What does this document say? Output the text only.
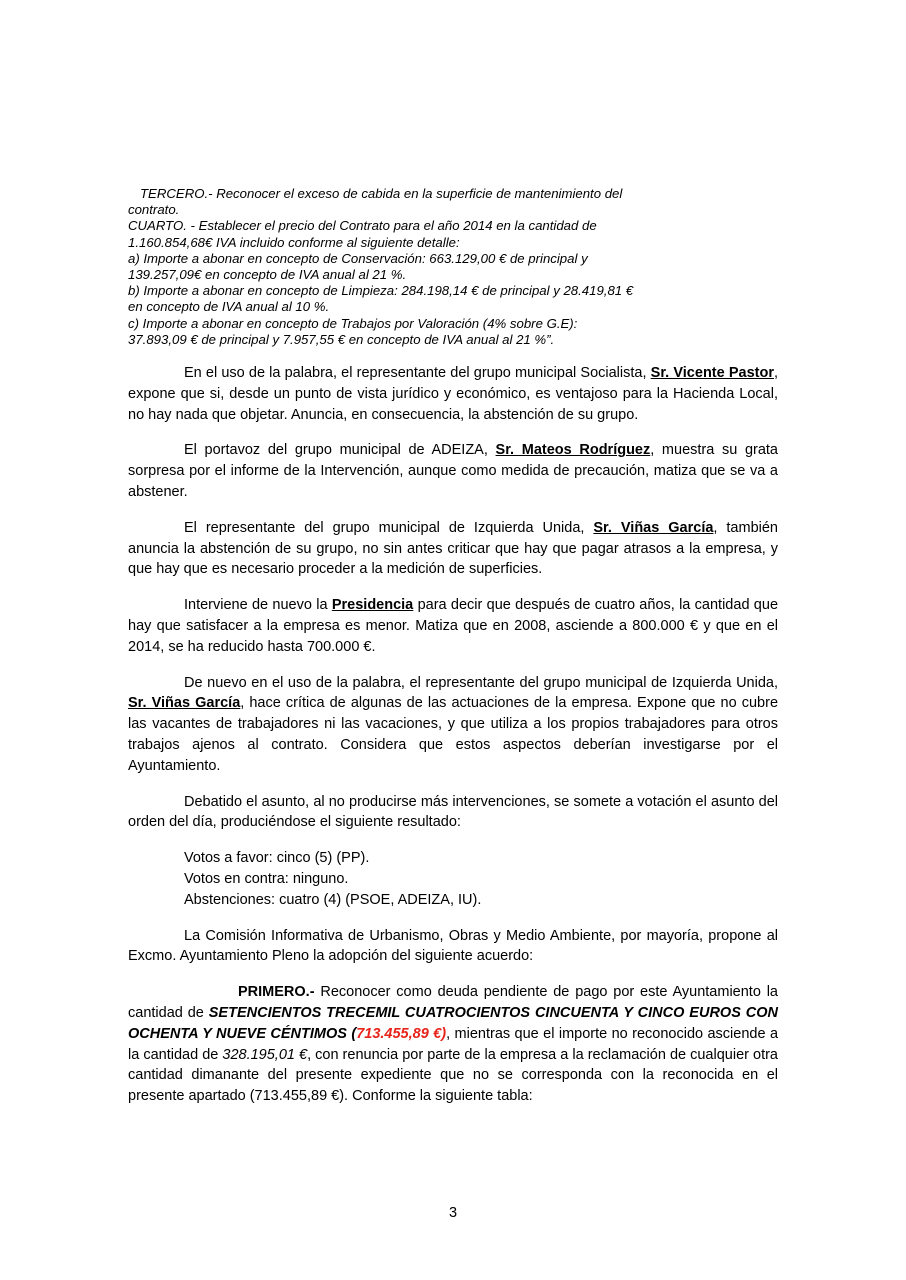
TERCERO.- Reconocer el exceso de cabida en la superficie de mantenimiento del
contrato.

CUARTO. - Establecer el precio del Contrato para el año 2014 en la cantidad de
1.160.854,68€ IVA incluido conforme al siguiente detalle:

a) Importe a abonar en concepto de Conservación: 663.129,00 € de principal y
139.257,09€ en concepto de IVA anual al 21 %.

b) Importe a abonar en concepto de Limpieza: 284.198,14 € de principal y 28.419,81 €
en concepto de IVA anual al 10 %.

c) Importe a abonar en concepto de Trabajos por Valoración (4% sobre G.E):
37.893,09 € de principal y 7.957,55 € en concepto de IVA anual al 21 %”.

En el uso de la palabra, el representante del grupo municipal Socialista, Sr. Vicente Pastor, expone que si, desde un punto de vista jurídico y económico, es ventajoso para la Hacienda Local, no hay nada que objetar. Anuncia, en consecuencia, la abstención de su grupo.

El portavoz del grupo municipal de ADEIZA, Sr. Mateos Rodríguez, muestra su grata sorpresa por el informe de la Intervención, aunque como medida de precaución, matiza que se va a abstener.

El representante del grupo municipal de Izquierda Unida, Sr. Viñas García, también anuncia la abstención de su grupo, no sin antes criticar que hay que pagar atrasos a la empresa, y que hay que es necesario proceder a la medición de superficies.

Interviene de nuevo la Presidencia para decir que después de cuatro años, la cantidad que hay que satisfacer a la empresa es menor. Matiza que en 2008, asciende a 800.000 € y que en el 2014, se ha reducido hasta 700.000 €.

De nuevo en el uso de la palabra, el representante del grupo municipal de Izquierda Unida, Sr. Viñas García, hace crítica de algunas de las actuaciones de la empresa. Expone que no cubre las vacantes de trabajadores ni las vacaciones, y que utiliza a los propios trabajadores para otros trabajos ajenos al contrato. Considera que estos aspectos deberían investigarse por el Ayuntamiento.

Debatido el asunto, al no producirse más intervenciones, se somete a votación el asunto del orden del día, produciéndose el siguiente resultado:

Votos a favor: cinco (5) (PP).

Votos en contra: ninguno.

Abstenciones: cuatro (4) (PSOE, ADEIZA, IU).

La Comisión Informativa de Urbanismo, Obras y Medio Ambiente, por mayoría, propone al Excmo. Ayuntamiento Pleno la adopción del siguiente acuerdo:

PRIMERO.- Reconocer como deuda pendiente de pago por este Ayuntamiento la cantidad de SETENCIENTOS TRECEMIL CUATROCIENTOS CINCUENTA Y CINCO EUROS CON OCHENTA Y NUEVE CÉNTIMOS (713.455,89 €), mientras que el importe no reconocido asciende a la cantidad de 328.195,01 €, con renuncia por parte de la empresa a la reclamación de cualquier otra cantidad dimanante del presente expediente que no se corresponda con la reconocida en el presente apartado (713.455,89 €). Conforme la siguiente tabla:

3
